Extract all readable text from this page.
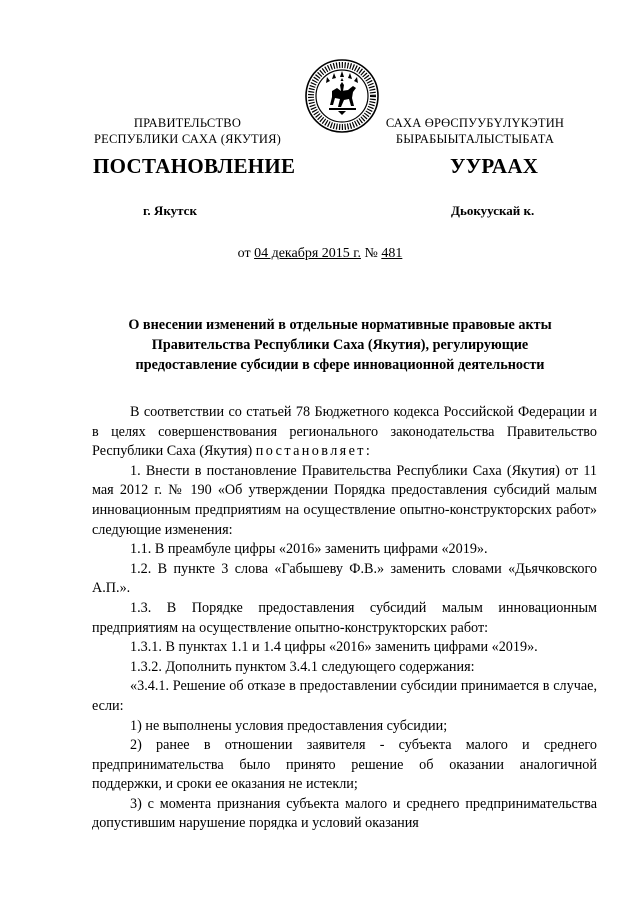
ПРАВИТЕЛЬСТВО
РЕСПУБЛИКИ САХА (ЯКУТИЯ)
САХА ӨРӨСПУУБҮЛҮКЭТИН
БЫРАБЫЫТАЛЫСТЫБАТА
ПОСТАНОВЛЕНИЕ	УУРААХ
г. Якутск	Дьокуускай к.
от 04 декабря 2015 г. № 481
О внесении изменений в отдельные нормативные правовые акты
Правительства Республики Саха (Якутия), регулирующие
предоставление субсидии в сфере инновационной деятельности

В соответствии со статьей 78 Бюджетного кодекса Российской Федерации и в целях совершенствования регионального законодательства Правительство Республики Саха (Якутия) постановляет:

1. Внести в постановление Правительства Республики Саха (Якутия) от 11 мая 2012 г. № 190 «Об утверждении Порядка предоставления субсидий малым инновационным предприятиям на осуществление опытно-конструкторских работ» следующие изменения:

1.1. В преамбуле цифры «2016» заменить цифрами «2019».

1.2. В пункте 3 слова «Габышеву Ф.В.» заменить словами «Дьячковского А.П.».

1.3. В Порядке предоставления субсидий малым инновационным предприятиям на осуществление опытно-конструкторских работ:

1.3.1. В пунктах 1.1 и 1.4 цифры «2016» заменить цифрами «2019».

1.3.2. Дополнить пунктом 3.4.1 следующего содержания:

«3.4.1. Решение об отказе в предоставлении субсидии принимается в случае, если:

1) не выполнены условия предоставления субсидии;

2) ранее в отношении заявителя - субъекта малого и среднего предпринимательства было принято решение об оказании аналогичной поддержки, и сроки ее оказания не истекли;

3) с момента признания субъекта малого и среднего предпринимательства допустившим нарушение порядка и условий оказания
